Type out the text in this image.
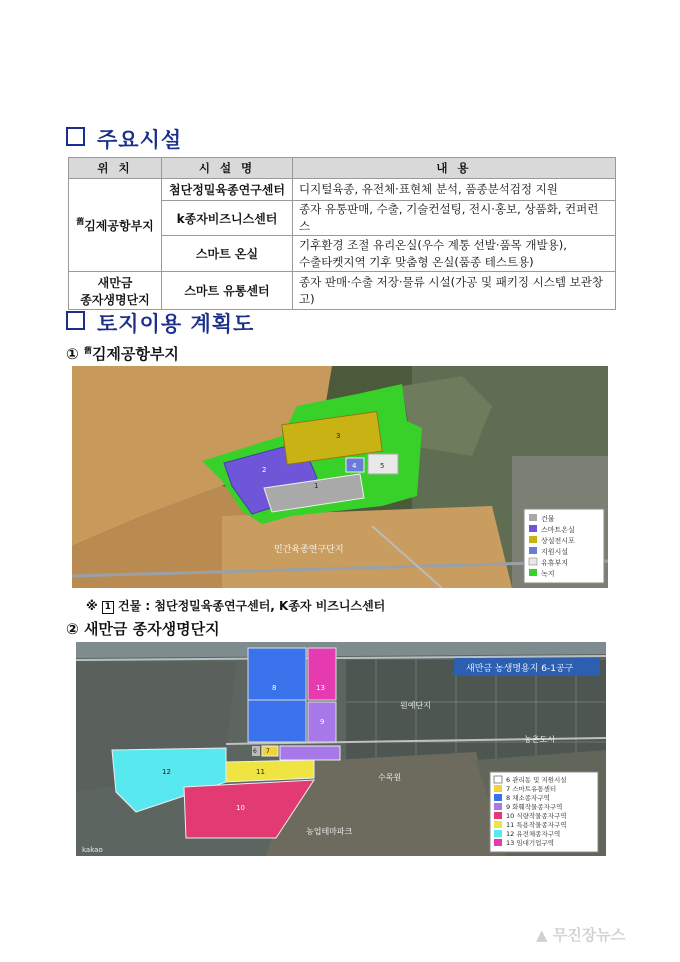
주요시설
위 치	시 설 명	내 용
$^舊$김제공항부지	첨단정밀육종연구센터	디지털육종, 유전체·표현체 분석, 품종분석검정 지원
	k종자비즈니스센터	종자 유통판매, 수출, 기술컨설팅, 전시·홍보, 상품화, 컨퍼런스
	스마트 온실	기후환경 조절 유리온실(우수 계통 선발·품목 개발용),
수출타켓지역 기후 맞춤형 온실(품종 테스트용)
새만금
종자생명단지	스마트 유통센터	종자 판매·수출 저장·물류 시설(가공 및 패키징 시스템 보관창고)
토지이용 계획도
① $^舊$김제공항부지
3
2
1
4	5
민간육종연구단지
건물
스마트온실
상설전시포
지원시설
유휴부지
녹지
※ 1 건물 : 첨단정밀육종연구센터, K종자 비즈니스센터
② 새만금 종자생명단지
8	13
9
6 7
11
12
10
새만금 농생명용지 6-1공구
원예단지
농촌도시
수목원
농업테마파크
kakao
6 관리동 및 지원시설
7 스마트유통센터
8 채소종자구역
9 화훼작물종자구역
10 식량작물종자구역
11 특용작물종자구역
12 유전체종자구역
13 임대기업구역
▲ 무진장뉴스
